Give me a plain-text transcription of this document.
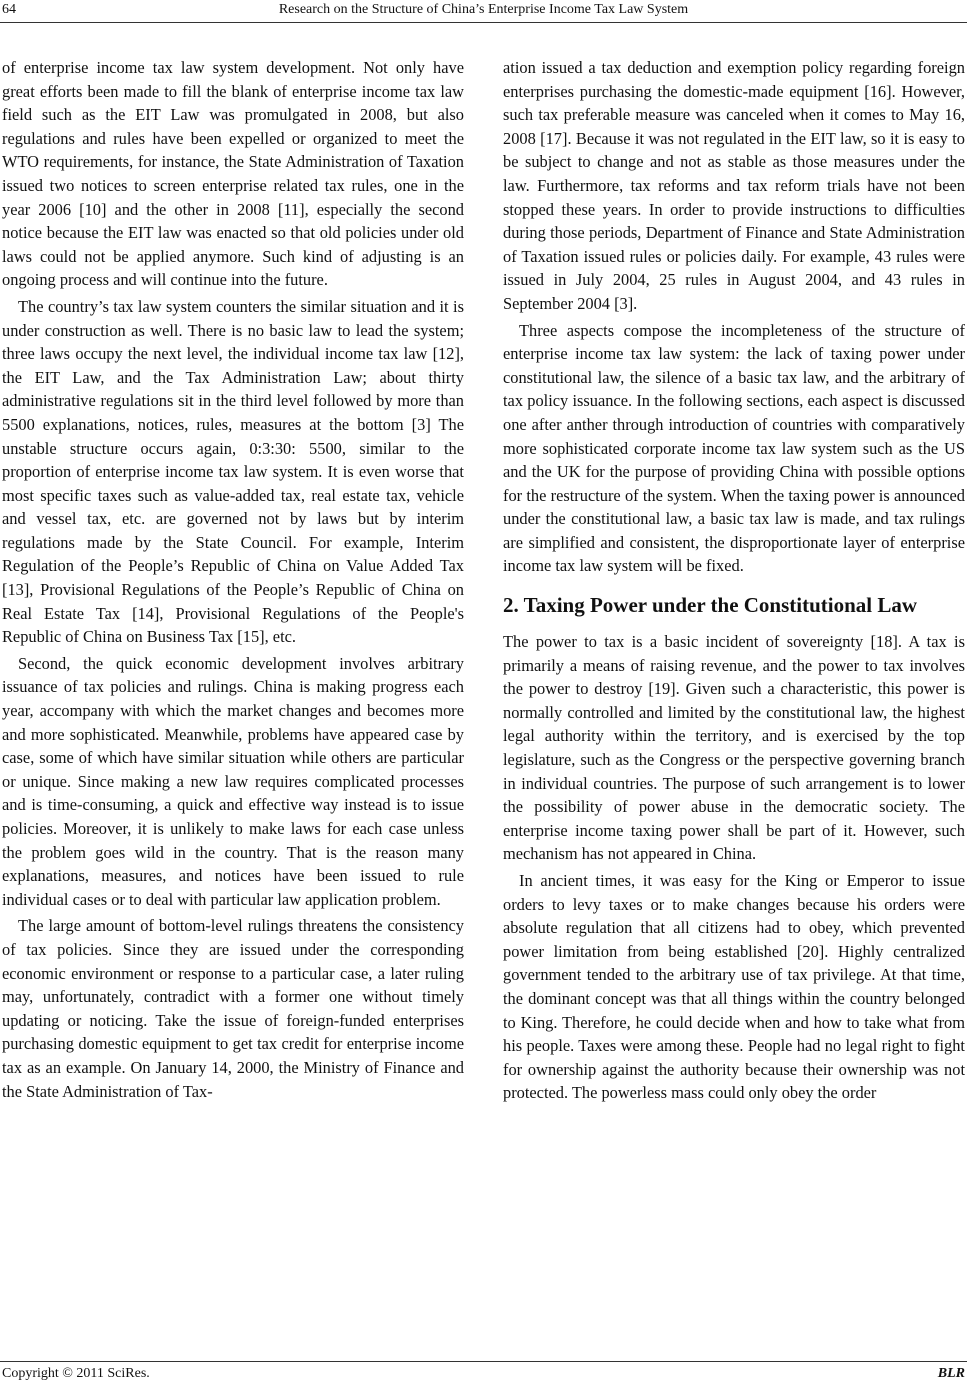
64	Research on the Structure of China’s Enterprise Income Tax Law System

of enterprise income tax law system development. Not only have great efforts been made to fill the blank of enterprise income tax law field such as the EIT Law was promulgated in 2008, but also regulations and rules have been expelled or organized to meet the WTO requirements, for instance, the State Administration of Taxation issued two notices to screen enterprise related tax rules, one in the year 2006 [10] and the other in 2008 [11], especially the second notice because the EIT law was enacted so that old policies under old laws could not be applied anymore. Such kind of adjusting is an ongoing process and will continue into the future.

The country’s tax law system counters the similar situation and it is under construction as well. There is no basic law to lead the system; three laws occupy the next level, the individual income tax law [12], the EIT Law, and the Tax Administration Law; about thirty administrative regulations sit in the third level followed by more than 5500 explanations, notices, rules, measures at the bottom [3] The unstable structure occurs again, 0:3:30: 5500, similar to the proportion of enterprise income tax law system. It is even worse that most specific taxes such as value-added tax, real estate tax, vehicle and vessel tax, etc. are governed not by laws but by interim regulations made by the State Council. For example, Interim Regulation of the People’s Republic of China on Value Added Tax [13], Provisional Regulations of the People’s Republic of China on Real Estate Tax [14], Provisional Regulations of the People's Republic of China on Business Tax [15], etc.

Second, the quick economic development involves arbitrary issuance of tax policies and rulings. China is making progress each year, accompany with which the market changes and becomes more and more sophisticated. Meanwhile, problems have appeared case by case, some of which have similar situation while others are particular or unique. Since making a new law requires complicated processes and is time-consuming, a quick and effective way instead is to issue policies. Moreover, it is unlikely to make laws for each case unless the problem goes wild in the country. That is the reason many explanations, measures, and notices have been issued to rule individual cases or to deal with particular law application problem.

The large amount of bottom-level rulings threatens the consistency of tax policies. Since they are issued under the corresponding economic environment or response to a particular case, a later ruling may, unfortunately, contradict with a former one without timely updating or noticing. Take the issue of foreign-funded enterprises purchasing domestic equipment to get tax credit for enterprise income tax as an example. On January 14, 2000, the Ministry of Finance and the State Administration of Tax-

ation issued a tax deduction and exemption policy regarding foreign enterprises purchasing the domestic-made equipment [16]. However, such tax preferable measure was canceled when it comes to May 16, 2008 [17]. Because it was not regulated in the EIT law, so it is easy to be subject to change and not as stable as those measures under the law. Furthermore, tax reforms and tax reform trials have not been stopped these years. In order to provide instructions to difficulties during those periods, Department of Finance and State Administration of Taxation issued rules or policies daily. For example, 43 rules were issued in July 2004, 25 rules in August 2004, and 43 rules in September 2004 [3].

Three aspects compose the incompleteness of the structure of enterprise income tax law system: the lack of taxing power under constitutional law, the silence of a basic tax law, and the arbitrary of tax policy issuance. In the following sections, each aspect is discussed one after anther through introduction of countries with comparatively more sophisticated corporate income tax law system such as the US and the UK for the purpose of providing China with possible options for the restructure of the system. When the taxing power is announced under the constitutional law, a basic tax law is made, and tax rulings are simplified and consistent, the disproportionate layer of enterprise income tax law system will be fixed.

2. Taxing Power under the Constitutional Law

The power to tax is a basic incident of sovereignty [18]. A tax is primarily a means of raising revenue, and the power to tax involves the power to destroy [19]. Given such a characteristic, this power is normally controlled and limited by the constitutional law, the highest legal authority within the territory, and is exercised by the top legislature, such as the Congress or the perspective governing branch in individual countries. The purpose of such arrangement is to lower the possibility of power abuse in the democratic society. The enterprise income taxing power shall be part of it. However, such mechanism has not appeared in China.

In ancient times, it was easy for the King or Emperor to issue orders to levy taxes or to make changes because his orders were absolute regulation that all citizens had to obey, which prevented power limitation from being established [20]. Highly centralized government tended to the arbitrary use of tax privilege. At that time, the dominant concept was that all things within the country belonged to King. Therefore, he could decide when and how to take what from his people. Taxes were among these. People had no legal right to fight for ownership against the authority because their ownership was not protected. The powerless mass could only obey the order

Copyright © 2011 SciRes.	BLR
